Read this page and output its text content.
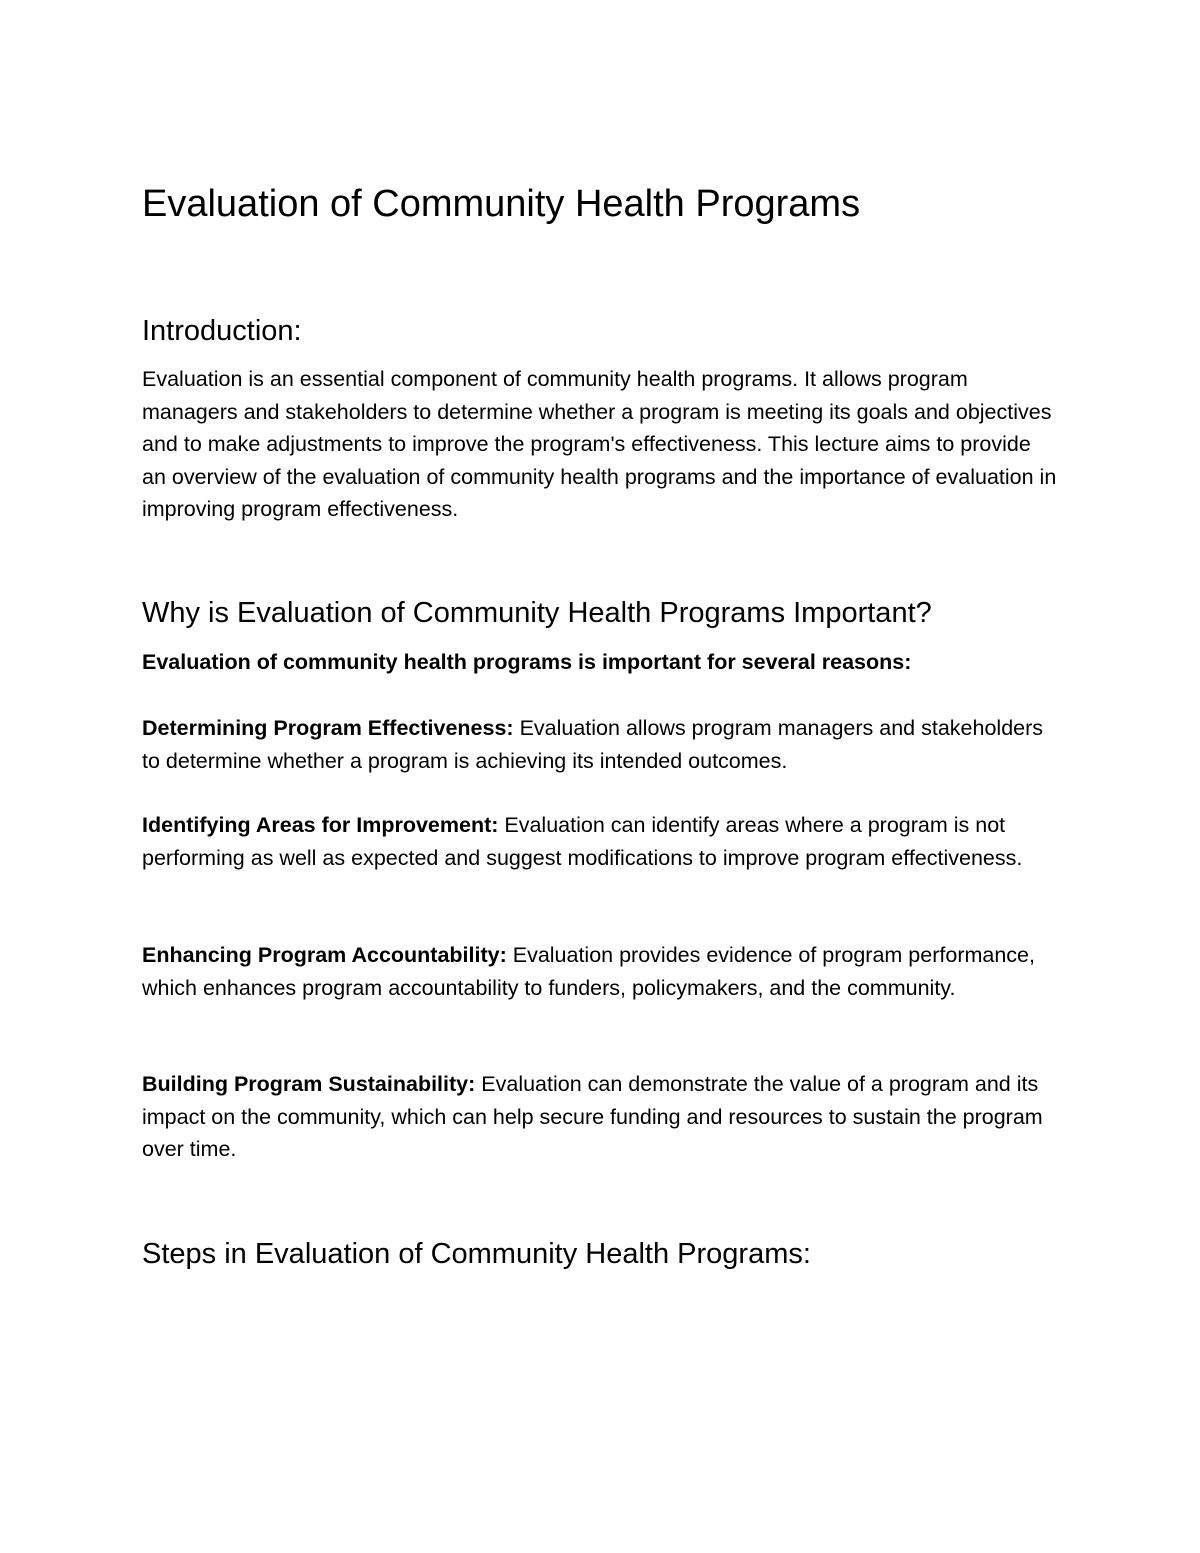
Evaluation of Community Health Programs
Introduction:

Evaluation is an essential component of community health programs. It allows program managers and stakeholders to determine whether a program is meeting its goals and objectives and to make adjustments to improve the program's effectiveness. This lecture aims to provide an overview of the evaluation of community health programs and the importance of evaluation in improving program effectiveness.

Why is Evaluation of Community Health Programs Important?

Evaluation of community health programs is important for several reasons:

Determining Program Effectiveness: Evaluation allows program managers and stakeholders to determine whether a program is achieving its intended outcomes.

Identifying Areas for Improvement: Evaluation can identify areas where a program is not performing as well as expected and suggest modifications to improve program effectiveness.

Enhancing Program Accountability: Evaluation provides evidence of program performance, which enhances program accountability to funders, policymakers, and the community.

Building Program Sustainability: Evaluation can demonstrate the value of a program and its impact on the community, which can help secure funding and resources to sustain the program over time.

Steps in Evaluation of Community Health Programs:
